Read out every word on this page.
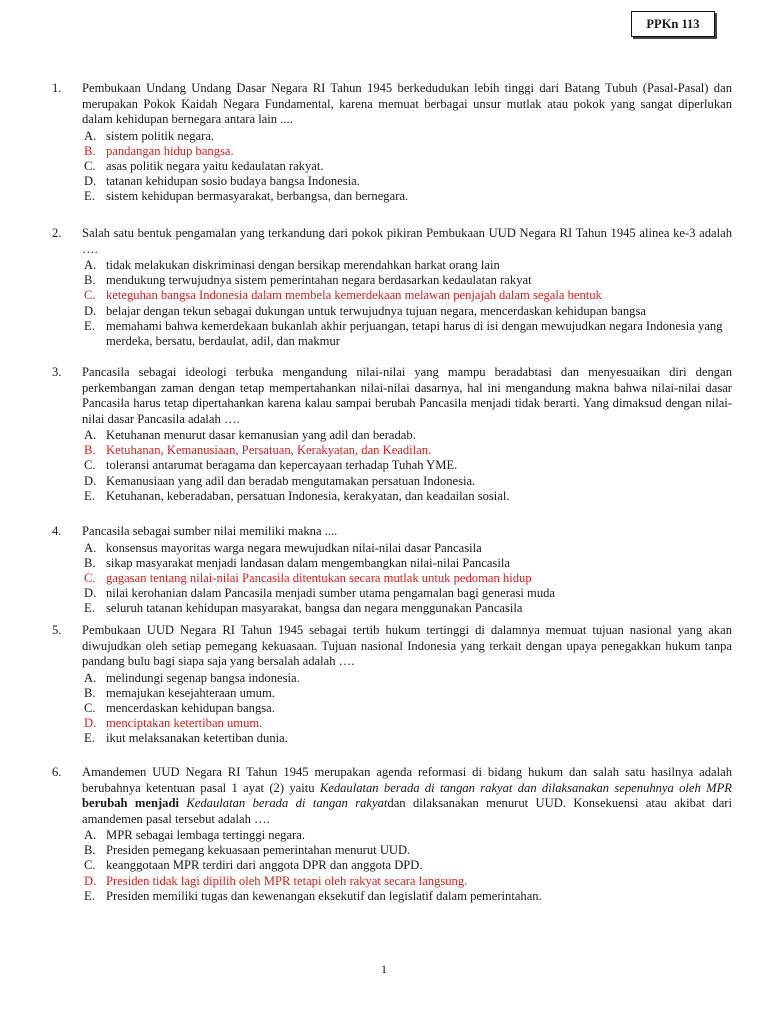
PPKn 113
1.	Pembukaan Undang Undang Dasar Negara RI Tahun 1945 berkedudukan lebih tinggi dari Batang Tubuh (Pasal-Pasal) dan merupakan Pokok Kaidah Negara Fundamental, karena memuat berbagai unsur mutlak atau pokok yang sangat diperlukan dalam kehidupan bernegara antara lain ....
A. sistem politik negara.
B. pandangan hidup bangsa.
C. asas politik negara yaitu kedaulatan rakyat.
D. tatanan kehidupan sosio budaya bangsa Indonesia.
E. sistem kehidupan bermasyarakat, berbangsa, dan bernegara.
2.	Salah satu bentuk pengamalan yang terkandung dari pokok pikiran Pembukaan UUD Negara RI Tahun 1945 alinea ke-3 adalah ….
A. tidak melakukan diskriminasi dengan bersikap merendahkan harkat orang lain
B. mendukung terwujudnya sistem pemerintahan negara berdasarkan kedaulatan rakyat
C. keteguhan bangsa Indonesia dalam membela kemerdekaan melawan penjajah dalam segala bentuk
D. belajar dengan tekun sebagai dukungan untuk terwujudnya tujuan negara, mencerdaskan kehidupan bangsa
E. memahami bahwa kemerdekaan bukanlah akhir perjuangan, tetapi harus di isi dengan mewujudkan negara Indonesia yang merdeka, bersatu, berdaulat, adil, dan makmur
3.	Pancasila sebagai ideologi terbuka mengandung nilai-nilai yang mampu beradabtasi dan menyesuaikan diri dengan perkembangan zaman dengan tetap mempertahankan nilai-nilai dasarnya, hal ini mengandung makna bahwa nilai-nilai dasar Pancasila harus tetap dipertahankan karena kalau sampai berubah Pancasila menjadi tidak berarti. Yang dimaksud dengan nilai-nilai dasar Pancasila adalah ….
A. Ketuhanan menurut dasar kemanusian yang adil dan beradab.
B. Ketuhanan, Kemanusiaan, Persatuan, Kerakyatan, dan Keadilan.
C. toleransi antarumat beragama dan kepercayaan terhadap Tuhah YME.
D. Kemanusiaan yang adil dan beradab mengutamakan persatuan Indonesia.
E. Ketuhanan, keberadaban, persatuan Indonesia, kerakyatan, dan keadailan sosial.
4.	Pancasila sebagai sumber nilai memiliki makna ....
A. konsensus mayoritas warga negara mewujudkan nilai-nilai dasar Pancasila
B. sikap masyarakat menjadi landasan dalam mengembangkan nilai-nilai Pancasila
C. gagasan tentang nilai-nilai Pancasila ditentukan secara mutlak untuk pedoman hidup
D. nilai kerohanian dalam Pancasila menjadi sumber utama pengamalan bagi generasi muda
E. seluruh tatanan kehidupan masyarakat, bangsa dan negara menggunakan Pancasila
5.	Pembukaan UUD Negara RI Tahun 1945 sebagai tertib hukum tertinggi di dalamnya memuat tujuan nasional yang akan diwujudkan oleh setiap pemegang kekuasaan. Tujuan nasional Indonesia yang terkait dengan upaya penegakkan hukum tanpa pandang bulu bagi siapa saja yang bersalah adalah ….
A. melindungi segenap bangsa indonesia.
B. memajukan kesejahteraan umum.
C. mencerdaskan kehidupan bangsa.
D. menciptakan ketertiban umum.
E. ikut melaksanakan ketertiban dunia.
6.	Amandemen UUD Negara RI Tahun 1945 merupakan agenda reformasi di bidang hukum dan salah satu hasilnya adalah berubahnya ketentuan pasal 1 ayat (2) yaitu Kedaulatan berada di tangan rakyat dan dilaksanakan sepenuhnya oleh MPR berubah menjadi Kedaulatan berada di tangan rakyatdan dilaksanakan menurut UUD. Konsekuensi atau akibat dari amandemen pasal tersebut adalah ….
A. MPR sebagai lembaga tertinggi negara.
B. Presiden pemegang kekuasaan pemerintahan menurut UUD.
C. keanggotaan MPR terdiri dari anggota DPR dan anggota DPD.
D. Presiden tidak lagi dipilih oleh MPR tetapi oleh rakyat secara langsung.
E. Presiden memiliki tugas dan kewenangan eksekutif dan legislatif dalam pemerintahan.
1
